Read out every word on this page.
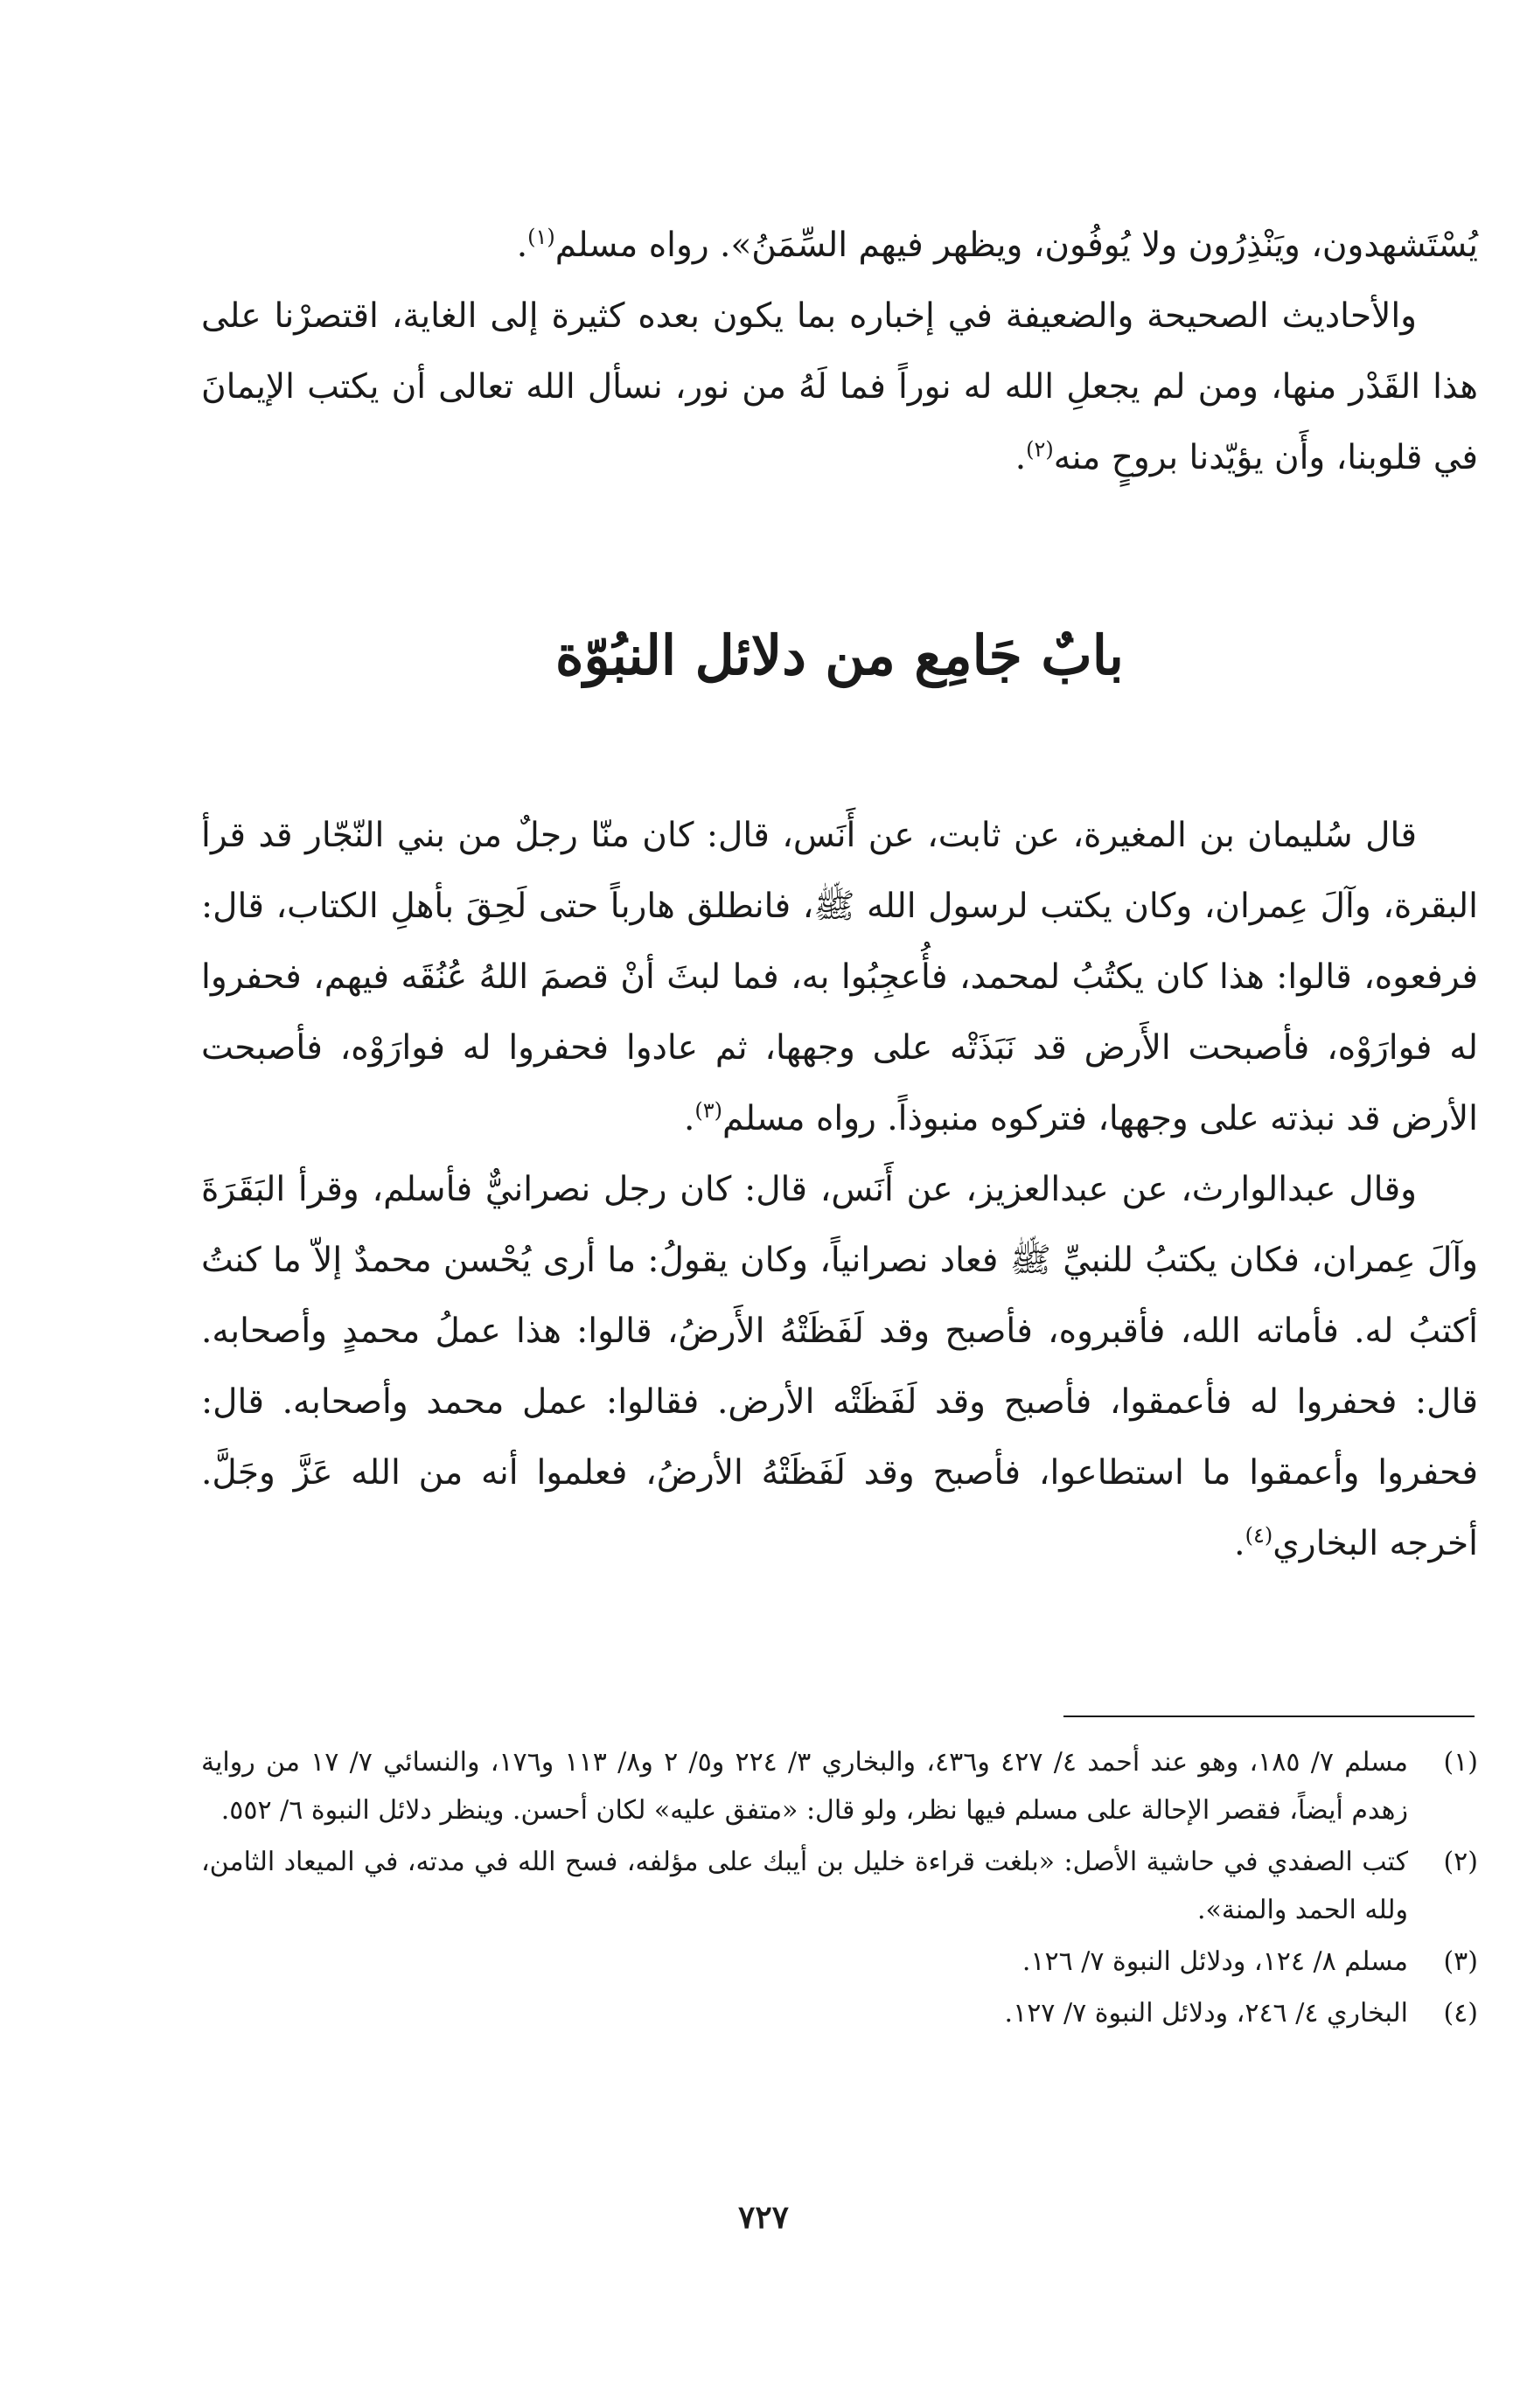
يُسْتَشهدون، ويَنْذِرُون ولا يُوفُون، ويظهر فيهم السِّمَنُ». رواه مسلم$^{(١)}$.

والأحاديث الصحيحة والضعيفة في إخباره بما يكون بعده كثيرة إلى الغاية، اقتصرْنا على هذا القَدْر منها، ومن لم يجعلِ الله له نوراً فما لَهُ من نور، نسأل الله تعالى أن يكتب الإيمانَ في قلوبنا، وأَن يؤيّدنا بروحٍ منه$^{(٢)}$.

بابٌ جَامِع من دلائل النبُوّة

قال سُليمان بن المغيرة، عن ثابت، عن أَنَس، قال: كان منّا رجلٌ من بني النّجّار قد قرأ البقرة، وآلَ عِمران، وكان يكتب لرسول الله ﷺ، فانطلق هارباً حتى لَحِقَ بأهلِ الكتاب، قال: فرفعوه، قالوا: هذا كان يكتُبُ لمحمد، فأُعجِبُوا به، فما لبثَ أنْ قصمَ اللهُ عُنُقَه فيهم، فحفروا له فوارَوْه، فأصبحت الأَرض قد نَبَذَتْه على وجهها، ثم عادوا فحفروا له فوارَوْه، فأصبحت الأرض قد نبذته على وجهها، فتركوه منبوذاً. رواه مسلم$^{(٣)}$.

وقال عبدالوارث، عن عبدالعزيز، عن أَنَس، قال: كان رجل نصرانيٌّ فأسلم، وقرأ البَقَرَةَ وآلَ عِمران، فكان يكتبُ للنبيِّ ﷺ فعاد نصرانياً، وكان يقولُ: ما أرى يُحْسن محمدٌ إلاّ ما كنتُ أكتبُ له. فأماته الله، فأقبروه، فأصبح وقد لَفَظَتْهُ الأَرضُ، قالوا: هذا عملُ محمدٍ وأصحابه. قال: فحفروا له فأعمقوا، فأصبح وقد لَفَظَتْه الأرض. فقالوا: عمل محمد وأصحابه. قال: فحفروا وأعمقوا ما استطاعوا، فأصبح وقد لَفَظَتْهُ الأرضُ، فعلموا أنه من الله عَزَّ وجَلَّ. أخرجه البخاري$^{(٤)}$.

(١)
مسلم ٧/ ١٨٥، وهو عند أحمد ٤/ ٤٢٧ و٤٣٦، والبخاري ٣/ ٢٢٤ و٥/ ٢ و٨/ ١١٣ و١٧٦، والنسائي ٧/ ١٧ من رواية زهدم أيضاً، فقصر الإحالة على مسلم فيها نظر، ولو قال: «متفق عليه» لكان أحسن. وينظر دلائل النبوة ٦/ ٥٥٢.
(٢)
كتب الصفدي في حاشية الأصل: «بلغت قراءة خليل بن أيبك على مؤلفه، فسح الله في مدته، في الميعاد الثامن، ولله الحمد والمنة».
(٣)
مسلم ٨/ ١٢٤، ودلائل النبوة ٧/ ١٢٦.
(٤)
البخاري ٤/ ٢٤٦، ودلائل النبوة ٧/ ١٢٧.
٧٢٧
